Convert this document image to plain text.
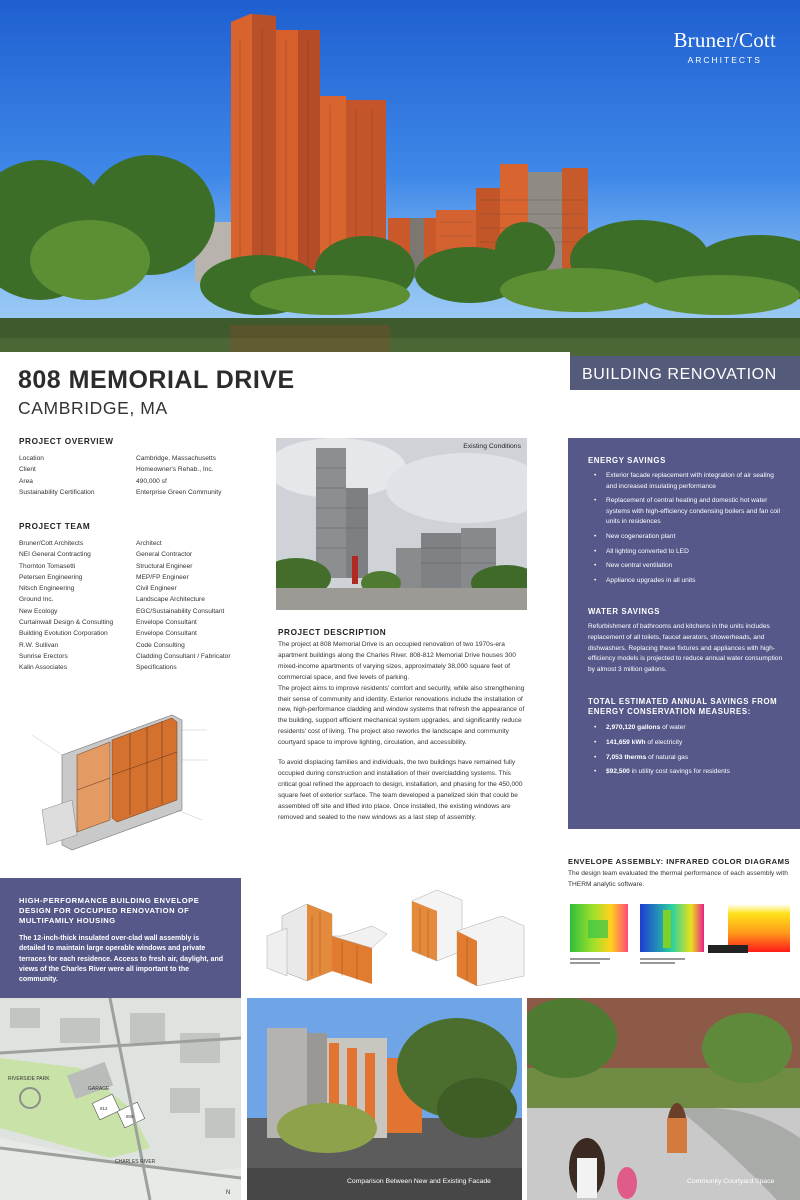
Bruner/Cott
ARCHITECTS
808 MEMORIAL DRIVE
CAMBRIDGE, MA
BUILDING RENOVATION
PROJECT OVERVIEW
Location	Cambridge, Massachusetts
Client	Homeowner's Rehab., Inc.
Area	490,000 sf
Sustainability Certification	Enterprise Green Community
PROJECT TEAM
Bruner/Cott Architects	Architect
NEI General Contracting	General Contractor
Thornton Tomasetti	Structural Engineer
Petersen Engineering	MEP/FP Engineer
Nitsch Engineering	Civil Engineer
Ground Inc.	Landscape Architecture
New Ecology	EGC/Sustainability Consultant
Curtainwall Design & Consulting	Envelope Consultant
Building Evolution Corporation	Envelope Consultant
R.W. Sullivan	Code Consulting
Sunrise Erectors	Cladding Consultant / Fabricator
Kalin Associates	Specifications
Existing Conditions
PROJECT DESCRIPTION

The project at 808 Memorial Drive is an occupied renovation of two 1970s-era apartment buildings along the Charles River. 808-812 Memorial Drive houses 300 mixed-income apartments of varying sizes, approximately 38,000 square feet of commercial space, and five levels of parking.

The project aims to improve residents' comfort and security, while also strengthening their sense of community and identity. Exterior renovations include the installation of new, high-performance cladding and window systems that refresh the appearance of the building, support efficient mechanical system upgrades, and significantly reduce residents' cost of living. The project also reworks the landscape and community courtyard space to improve lighting, circulation, and accessibility.

To avoid displacing families and individuals, the two buildings have remained fully occupied during construction and installation of their overcladding systems. This critical goal refined the approach to design, installation, and phasing for the 450,000 square feet of exterior surface. The team developed a panelized skin that could be assembled off site and lifted into place. Once installed, the existing windows are removed and sealed to the new windows as a last step of assembly.

ENERGY SAVINGS
• Exterior facade replacement with integration of air sealing and increased insulating performance
• Replacement of central heating and domestic hot water systems with high-efficiency condensing boilers and fan coil units in residences
• New cogeneration plant
• All lighting converted to LED
• New central ventilation
• Appliance upgrades in all units
WATER SAVINGS

Refurbishment of bathrooms and kitchens in the units includes replacement of all toilets, faucet aerators, showerheads, and dishwashers. Replacing these fixtures and appliances with high-efficiency models is projected to reduce annual water consumption by almost 3 million gallons.

TOTAL ESTIMATED ANNUAL SAVINGS FROM ENERGY CONSERVATION MEASURES:
• 2,970,120 gallons of water
• 141,659 kWh of electricity
• 7,053 therms of natural gas
• $92,500 in utility cost savings for residents
HIGH-PERFORMANCE BUILDING ENVELOPE DESIGN FOR OCCUPIED RENOVATION OF MULTIFAMILY HOUSING

The 12-inch-thick insulated over-clad wall assembly is detailed to maintain large operable windows and private terraces for each residence. Access to fresh air, daylight, and views of the Charles River were all important to the community.

ENVELOPE ASSEMBLY: INFRARED COLOR DIAGRAMS

The design team evaluated the thermal performance of each assembly with THERM analytic software.

RIVERSIDE PARK
GARAGE
812
808
CHARLES RIVER
N
Comparison Between New and Existing Facade	Community Courtyard Space
